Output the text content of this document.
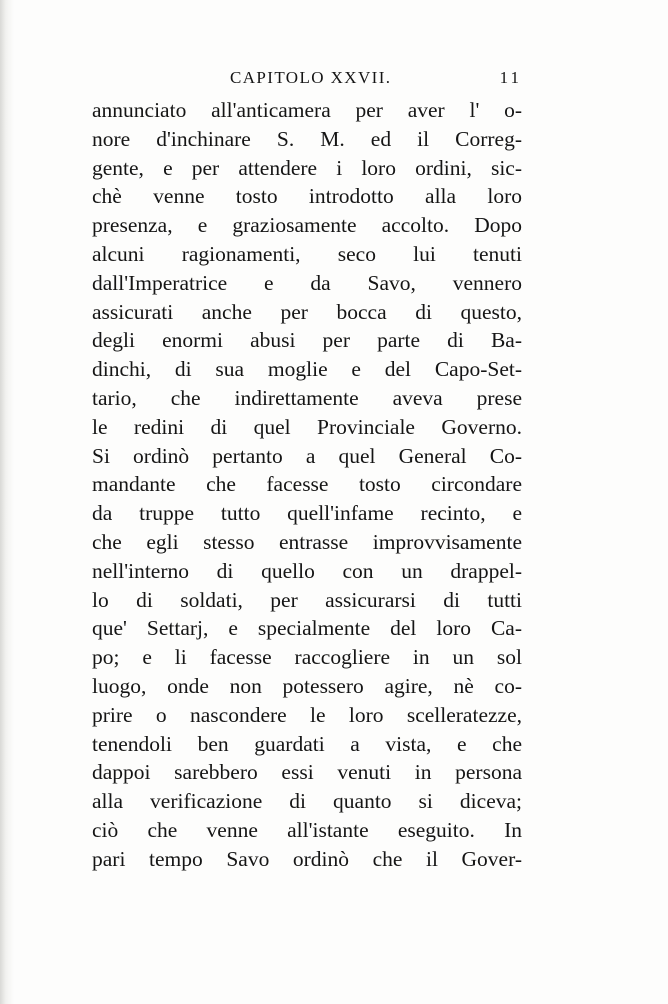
CAPITOLO XXVII.	11
annunciato all'anticamera per aver l' o-
nore d'inchinare S. M. ed il Correg-
gente, e per attendere i loro ordini, sic-
chè venne tosto introdotto alla loro
presenza, e graziosamente accolto. Dopo
alcuni ragionamenti, seco lui tenuti
dall'Imperatrice e da Savo, vennero
assicurati anche per bocca di questo,
degli enormi abusi per parte di Ba-
dinchi, di sua moglie e del Capo-Set-
tario, che indirettamente aveva prese
le redini di quel Provinciale Governo.
Si ordinò pertanto a quel General Co-
mandante che facesse tosto circondare
da truppe tutto quell'infame recinto, e
che egli stesso entrasse improvvisamente
nell'interno di quello con un drappel-
lo di soldati, per assicurarsi di tutti
que' Settarj, e specialmente del loro Ca-
po; e li facesse raccogliere in un sol
luogo, onde non potessero agire, nè co-
prire o nascondere le loro scelleratezze,
tenendoli ben guardati a vista, e che
dappoi sarebbero essi venuti in persona
alla verificazione di quanto si diceva;
ciò che venne all'istante eseguito. In
pari tempo Savo ordinò che il Gover-
